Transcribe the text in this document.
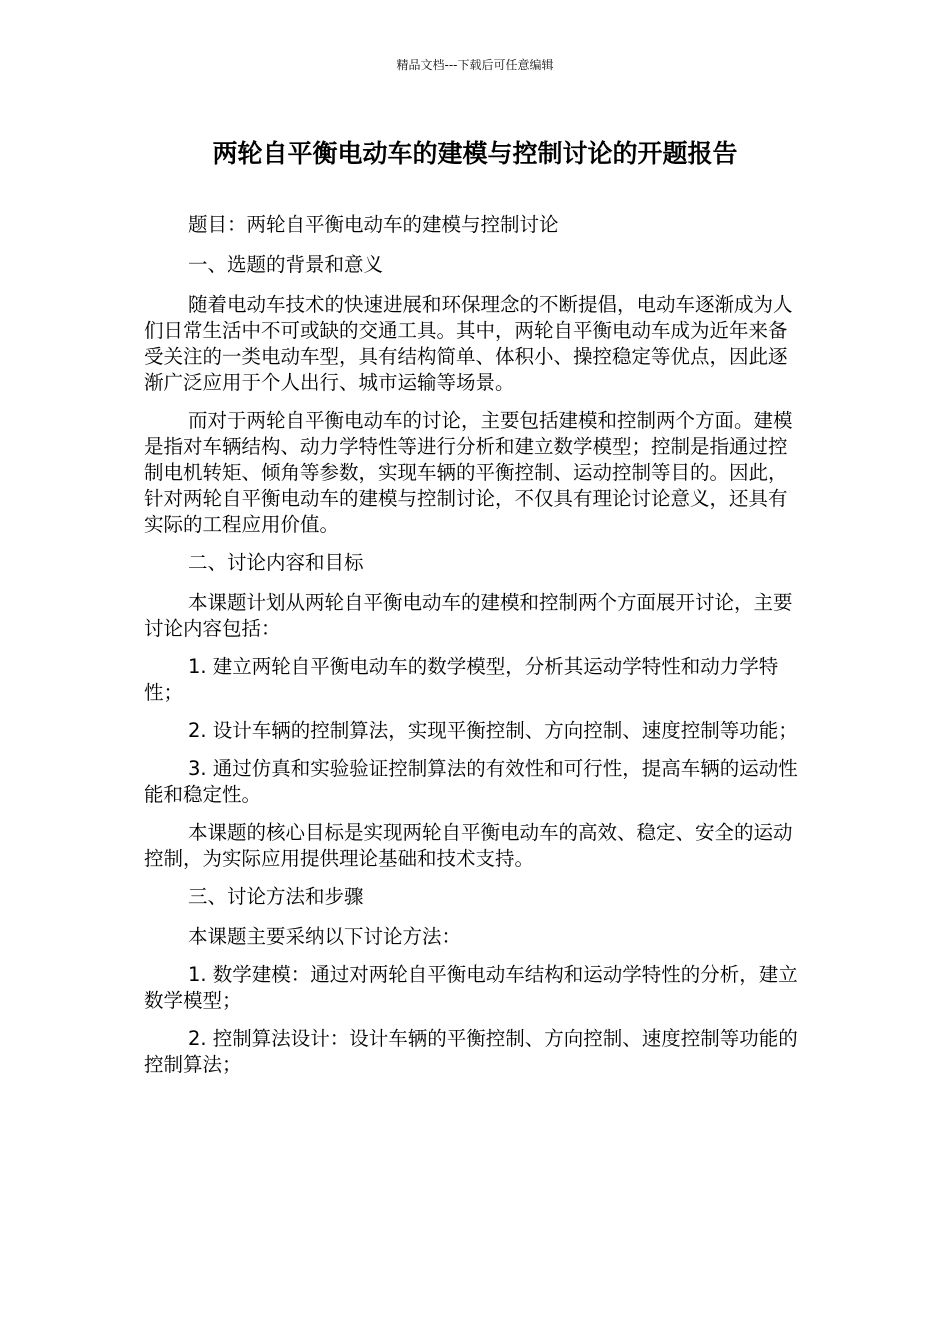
精品文档---下载后可任意编辑
两轮自平衡电动车的建模与控制讨论的开题报告

题目：两轮自平衡电动车的建模与控制讨论

一、选题的背景和意义

随着电动车技术的快速进展和环保理念的不断提倡，电动车逐渐成为人们日常生活中不可或缺的交通工具。其中，两轮自平衡电动车成为近年来备受关注的一类电动车型，具有结构简单、体积小、操控稳定等优点，因此逐渐广泛应用于个人出行、城市运输等场景。

而对于两轮自平衡电动车的讨论，主要包括建模和控制两个方面。建模是指对车辆结构、动力学特性等进行分析和建立数学模型；控制是指通过控制电机转矩、倾角等参数，实现车辆的平衡控制、运动控制等目的。因此，针对两轮自平衡电动车的建模与控制讨论，不仅具有理论讨论意义，还具有实际的工程应用价值。

二、讨论内容和目标

本课题计划从两轮自平衡电动车的建模和控制两个方面展开讨论，主要讨论内容包括：

1. 建立两轮自平衡电动车的数学模型，分析其运动学特性和动力学特性；

2. 设计车辆的控制算法，实现平衡控制、方向控制、速度控制等功能；

3. 通过仿真和实验验证控制算法的有效性和可行性，提高车辆的运动性能和稳定性。

本课题的核心目标是实现两轮自平衡电动车的高效、稳定、安全的运动控制，为实际应用提供理论基础和技术支持。

三、讨论方法和步骤

本课题主要采纳以下讨论方法：

1. 数学建模：通过对两轮自平衡电动车结构和运动学特性的分析，建立数学模型；

2. 控制算法设计：设计车辆的平衡控制、方向控制、速度控制等功能的控制算法；
